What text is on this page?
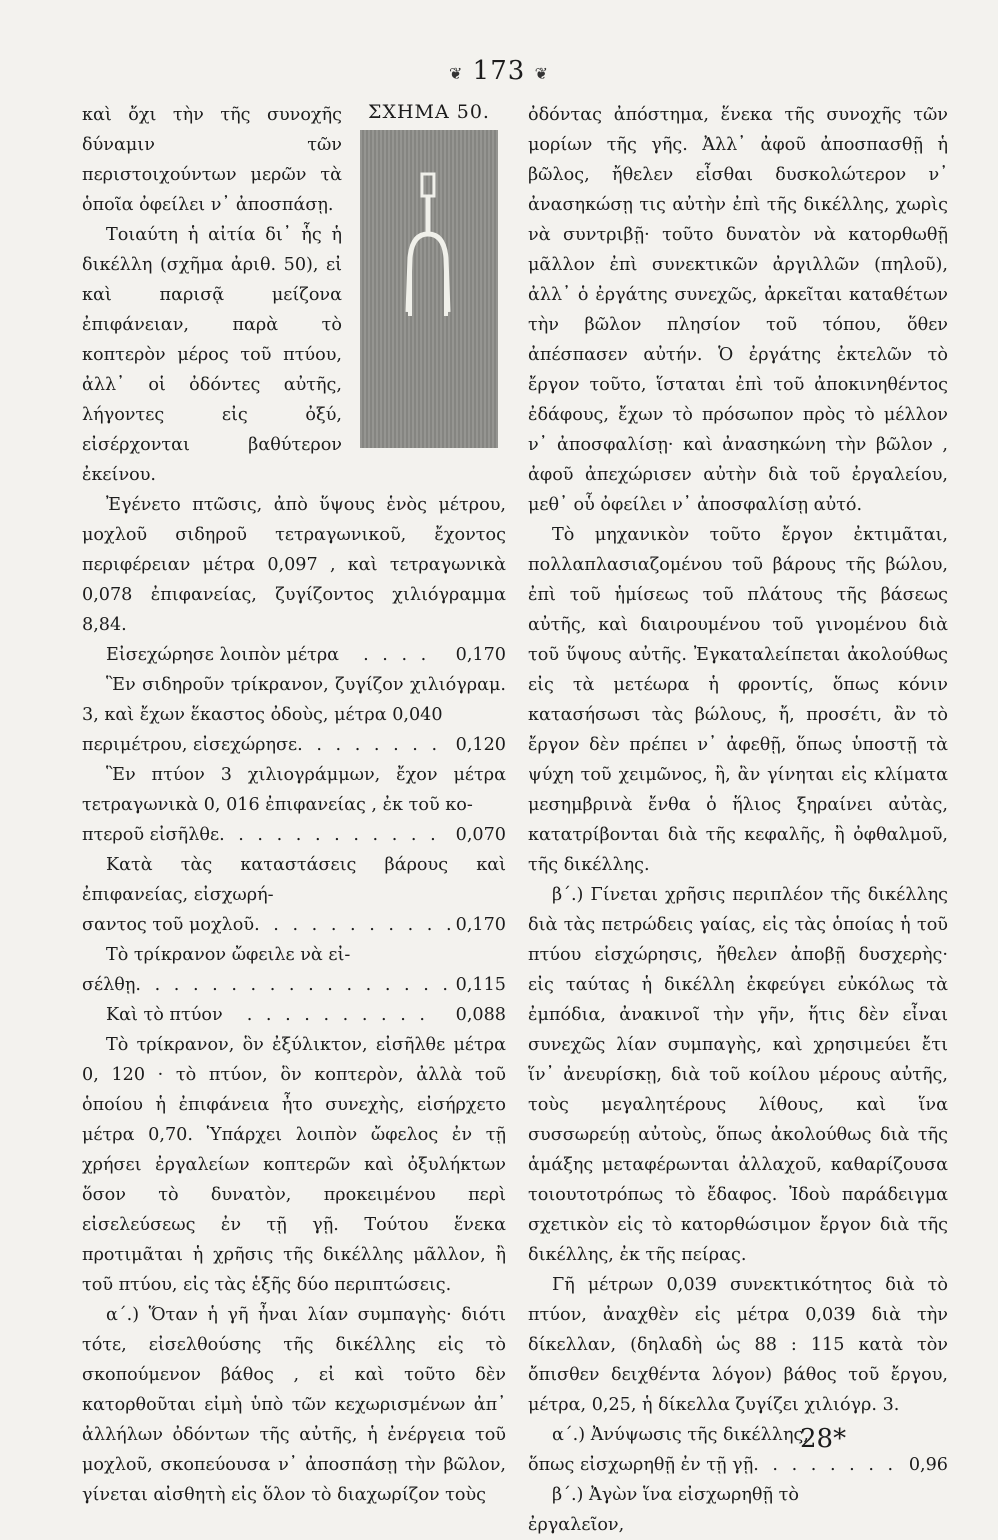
❦ 173 ❦
ΣΧΗΜΑ 50.

καὶ ὄχι τὴν τῆς συνοχῆς δύναμιν τῶν περιστοιχούντων μερῶν τὰ ὁποῖα ὀφείλει ν᾿ ἀποσπάσῃ.

Τοιαύτη ἡ αἰτία δι᾿ ἧς ἡ δικέλλη (σχῆμα ἀριθ. 50), εἰ καὶ παρισᾷ μείζονα ἐπιφάνειαν, παρὰ τὸ κοπτερὸν μέρος τοῦ πτύου, ἀλλ᾿ οἱ ὀδόντες αὐτῆς, λήγοντες εἰς ὀξύ, εἰσέρχονται βαθύτερον ἐκείνου.

Ἐγένετο πτῶσις, ἀπὸ ὕψους ἑνὸς μέτρου, μοχλοῦ σιδηροῦ τετραγωνικοῦ, ἔχοντος περιφέρειαν μέτρα 0,097 , καὶ τετραγωνικὰ 0,078 ἐπιφανείας, ζυγίζοντος χιλιόγραμμα 8,84.

Εἰσεχώρησε λοιπὸν μέτρα . . .	0,170

Ἓν σιδηροῦν τρίκρανον, ζυγίζον χιλιόγραμ. 3, καὶ ἔχων ἕκαστος ὀδοὺς, μέτρα 0,040

περιμέτρου, εἰσεχώρησε . . .	0,120

Ἓν πτύον 3 χιλιογράμμων, ἔχον μέτρα τετραγωνικὰ 0, 016 ἐπιφανείας , ἐκ τοῦ κο-

πτεροῦ εἰσῆλθε . . .	0,070

Κατὰ τὰς καταστάσεις βάρους καὶ ἐπιφανείας, εἰσχωρή-

σαντος τοῦ μοχλοῦ . . .	0,170

Τὸ τρίκρανον ὤφειλε νὰ εἰ-

σέλθῃ . . .	0,115
Καὶ τὸ πτύον . . .	0,088

Τὸ τρίκρανον, ὃν ἐξύλικτον, εἰσῆλθε μέτρα 0, 120 · τὸ πτύον, ὃν κοπτερὸν, ἀλλὰ τοῦ ὁποίου ἡ ἐπιφάνεια ἦτο συνεχὴς, εἰσήρχετο μέτρα 0,70. Ὑπάρχει λοιπὸν ὤφελος ἐν τῇ χρήσει ἐργαλείων κοπτερῶν καὶ ὀξυλήκτων ὅσον τὸ δυνατὸν, προκειμένου περὶ εἰσελεύσεως ἐν τῇ γῇ. Τούτου ἕνεκα προτιμᾶται ἡ χρῆσις τῆς δικέλλης μᾶλλον, ἢ τοῦ πτύου, εἰς τὰς ἑξῆς δύο περιπτώσεις.

α΄.) Ὅταν ἡ γῆ ἦναι λίαν συμπαγὴς· διότι τότε, εἰσελθούσης τῆς δικέλλης εἰς τὸ σκοπούμενον βάθος , εἰ καὶ τοῦτο δὲν κατορθοῦται εἰμὴ ὑπὸ τῶν κεχωρισμένων ἀπ᾿ ἀλλήλων ὀδόντων τῆς αὐτῆς, ἡ ἐνέργεια τοῦ μοχλοῦ, σκοπεύουσα ν᾿ ἀποσπάσῃ τὴν βῶλον, γίνεται αἰσθητὴ εἰς ὅλον τὸ διαχωρίζον τοὺς

ὀδόντας ἀπόστημα, ἕνεκα τῆς συνοχῆς τῶν μορίων τῆς γῆς. Ἀλλ᾿ ἀφοῦ ἀποσπασθῇ ἡ βῶλος, ἤθελεν εἶσθαι δυσκολώτερον ν᾿ ἀνασηκώσῃ τις αὐτὴν ἐπὶ τῆς δικέλλης, χωρὶς νὰ συντριβῇ· τοῦτο δυνατὸν νὰ κατορθωθῇ μᾶλλον ἐπὶ συνεκτικῶν ἀργιλλῶν (πηλοῦ), ἀλλ᾿ ὁ ἐργάτης συνεχῶς, ἀρκεῖται καταθέτων τὴν βῶλον πλησίον τοῦ τόπου, ὅθεν ἀπέσπασεν αὐτήν. Ὁ ἐργάτης ἐκτελῶν τὸ ἔργον τοῦτο, ἵσταται ἐπὶ τοῦ ἀποκινηθέντος ἐδάφους, ἔχων τὸ πρόσωπον πρὸς τὸ μέλλον ν᾿ ἀποσφαλίσῃ· καὶ ἀνασηκώνη τὴν βῶλον , ἀφοῦ ἀπεχώρισεν αὐτὴν διὰ τοῦ ἐργαλείου, μεθ᾿ οὗ ὀφείλει ν᾿ ἀποσφαλίσῃ αὐτό.

Τὸ μηχανικὸν τοῦτο ἔργον ἐκτιμᾶται, πολλαπλασιαζομένου τοῦ βάρους τῆς βώλου, ἐπὶ τοῦ ἡμίσεως τοῦ πλάτους τῆς βάσεως αὐτῆς, καὶ διαιρουμένου τοῦ γινομένου διὰ τοῦ ὕψους αὐτῆς. Ἐγκαταλείπεται ἀκολούθως εἰς τὰ μετέωρα ἡ φροντίς, ὅπως κόνιν κατασήσωσι τὰς βώλους, ἤ, προσέτι, ἂν τὸ ἔργον δὲν πρέπει ν᾿ ἀφεθῇ, ὅπως ὑποστῇ τὰ ψύχη τοῦ χειμῶνος, ἢ, ἂν γίνηται εἰς κλίματα μεσημβρινὰ ἔνθα ὁ ἥλιος ξηραίνει αὐτὰς, κατατρίβονται διὰ τῆς κεφαλῆς, ἢ ὀφθαλμοῦ, τῆς δικέλλης.

β΄.) Γίνεται χρῆσις περιπλέον τῆς δικέλλης διὰ τὰς πετρώδεις γαίας, εἰς τὰς ὁποίας ἡ τοῦ πτύου εἰσχώρησις, ἤθελεν ἀποβῇ δυσχερὴς· εἰς ταύτας ἡ δικέλλη ἐκφεύγει εὐκόλως τὰ ἐμπόδια, ἀνακινοῖ τὴν γῆν, ἥτις δὲν εἶναι συνεχῶς λίαν συμπαγὴς, καὶ χρησιμεύει ἔτι ἵν᾿ ἀνευρίσκῃ, διὰ τοῦ κοίλου μέρους αὐτῆς, τοὺς μεγαλητέρους λίθους, καὶ ἵνα συσσωρεύῃ αὐτοὺς, ὅπως ἀκολούθως διὰ τῆς ἁμάξης μεταφέρωνται ἀλλαχοῦ, καθαρίζουσα τοιουτοτρόπως τὸ ἔδαφος. Ἰδοὺ παράδειγμα σχετικὸν εἰς τὸ κατορθώσιμον ἔργον διὰ τῆς δικέλλης, ἐκ τῆς πείρας.

Γῆ μέτρων 0,039 συνεκτικότητος διὰ τὸ πτύον, ἀναχθὲν εἰς μέτρα 0,039 διὰ τὴν δίκελλαν, (δηλαδὴ ὡς 88 : 115 κατὰ τὸν ὄπισθεν δειχθέντα λόγον) βάθος τοῦ ἔργου, μέτρα, 0,25, ἡ δίκελλα ζυγίζει χιλιόγρ. 3.

α΄.) Ἀνύψωσις τῆς δικέλλης,

ὅπως εἰσχωρηθῇ ἐν τῇ γῇ . . .	0,96

β΄.) Ἀγὼν ἵνα εἰσχωρηθῇ τὸ

ἐργαλεῖον,

28*
